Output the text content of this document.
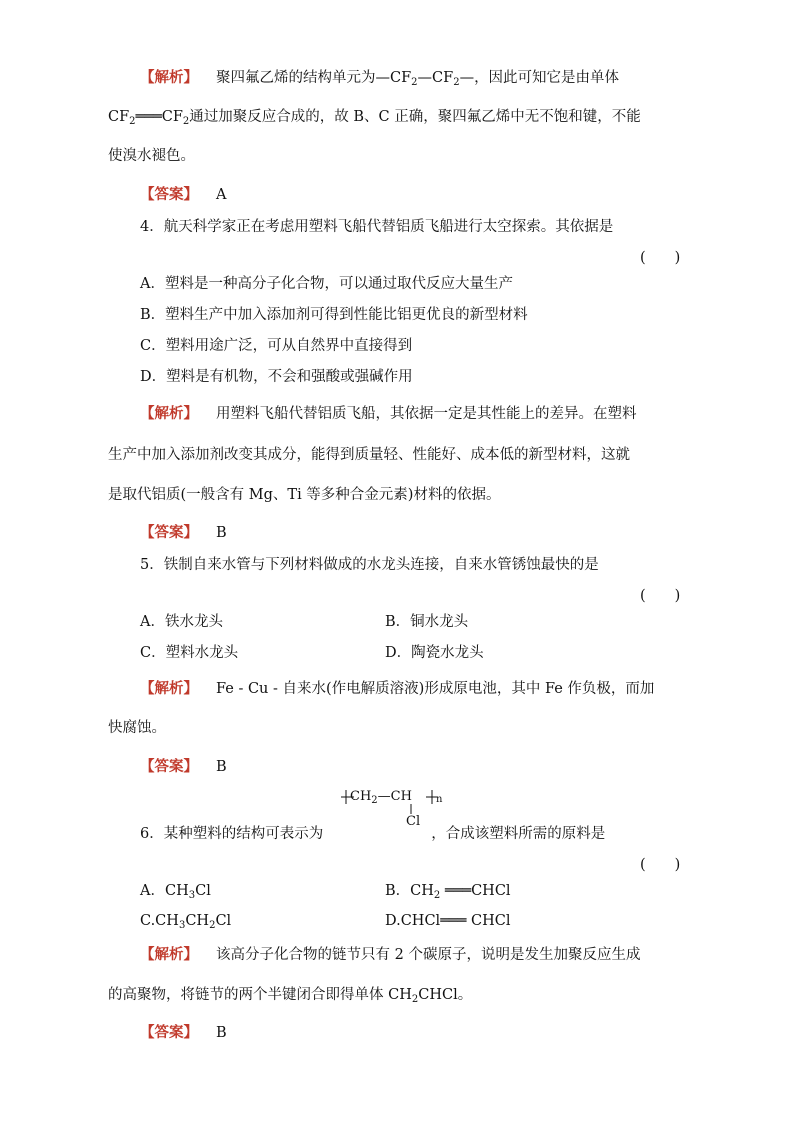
【解析】 聚四氟乙烯的结构单元为$—CF_2—CF_2—$，因此可知它是由单体
$CF_2═══CF_2$通过加聚反应合成的，故 B、C 正确，聚四氟乙烯中无不饱和键，不能
使溴水褪色。
【答案】 A
4．航天科学家正在考虑用塑料飞船代替铝质飞船进行太空探索。其依据是
(　　)
A．塑料是一种高分子化合物，可以通过取代反应大量生产
B．塑料生产中加入添加剂可得到性能比铝更优良的新型材料
C．塑料用途广泛，可从自然界中直接得到
D．塑料是有机物，不会和强酸或强碱作用
【解析】 用塑料飞船代替铝质飞船，其依据一定是其性能上的差异。在塑料
生产中加入添加剂改变其成分，能得到质量轻、性能好、成本低的新型材料，这就
是取代铝质(一般含有 Mg、Ti 等多种合金元素)材料的依据。
【答案】 B
5．铁制自来水管与下列材料做成的水龙头连接，自来水管锈蚀最快的是
(　　)
A．铁水龙头	B．铜水龙头
C．塑料水龙头	D．陶瓷水龙头
【解析】 Fe - Cu - 自来水(作电解质溶液)形成原电池，其中 Fe 作负极，而加
快腐蚀。
【答案】 B
$CH_2—CH$ n
Cl
6．某种塑料的结构可表示为	，合成该塑料所需的原料是
(　　)
A．$CH_3Cl$	B．$CH_2$ ═══CHCl
$C.CH_3CH_2Cl$	D.CHCl═══ CHCl
【解析】 该高分子化合物的链节只有 2 个碳原子，说明是发生加聚反应生成
的高聚物，将链节的两个半键闭合即得单体 $CH_2CHCl$。
【答案】 B
